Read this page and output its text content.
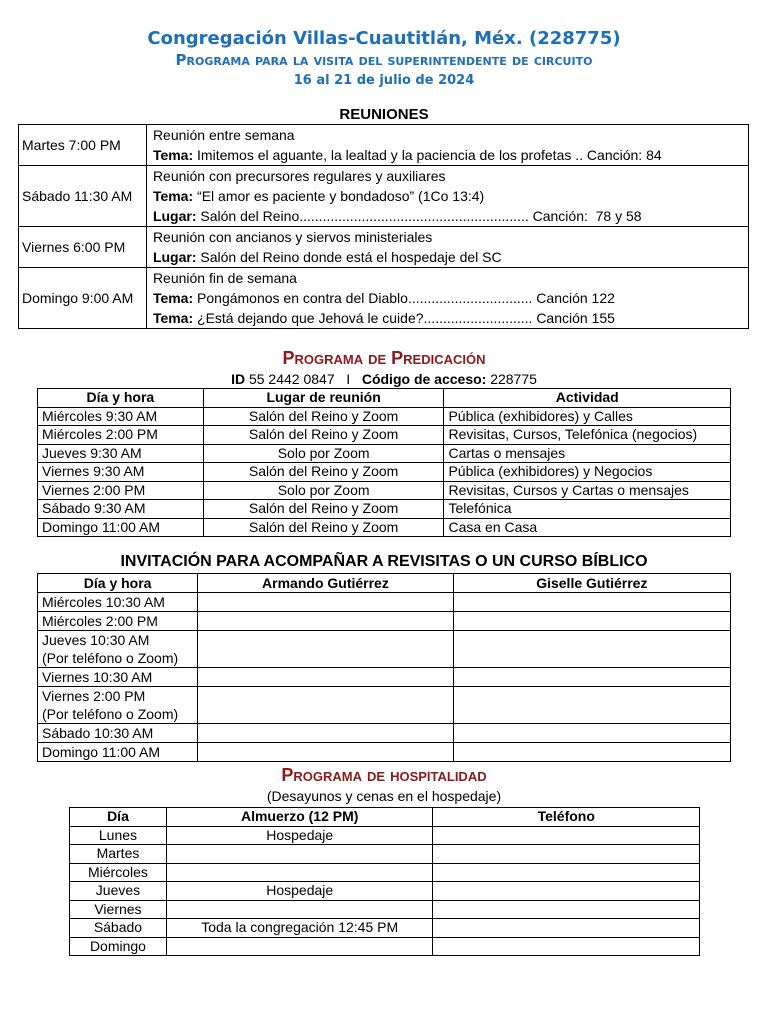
Congregación Villas-Cuautitlán, Méx. (228775)
Programa para la visita del superintendente de circuito
16 al 21 de julio de 2024
REUNIONES
Martes 7:00 PM	Reunión entre semana
Tema: Imitemos el aguante, la lealtad y la paciencia de los profetas .. Canción: 84

Sábado 11:30 AM	Reunión con precursores regulares y auxiliares
Tema: “El amor es paciente y bondadoso” (1Co 13:4)
Lugar: Salón del Reino........................................................... Canción:  78 y 58

Viernes 6:00 PM	Reunión con ancianos y siervos ministeriales
Lugar: Salón del Reino donde está el hospedaje del SC

Domingo 9:00 AM	Reunión fin de semana
Tema: Pongámonos en contra del Diablo................................ Canción 122
Tema: ¿Está dejando que Jehová le cuide?............................ Canción 155
Programa de Predicación
ID 55 2442 0847   I   Código de acceso: 228775
Día y hora	Lugar de reunión	Actividad
Miércoles 9:30 AM	Salón del Reino y Zoom	Pública (exhibidores) y Calles
Miércoles 2:00 PM	Salón del Reino y Zoom	Revisitas, Cursos, Telefónica (negocios)
Jueves 9:30 AM	Solo por Zoom	Cartas o mensajes
Viernes 9:30 AM	Salón del Reino y Zoom	Pública (exhibidores) y Negocios
Viernes 2:00 PM	Solo por Zoom	Revisitas, Cursos y Cartas o mensajes
Sábado 9:30 AM	Salón del Reino y Zoom	Telefónica
Domingo 11:00 AM	Salón del Reino y Zoom	Casa en Casa
INVITACIÓN PARA ACOMPAÑAR A REVISITAS O UN CURSO BÍBLICO
Día y hora	Armando Gutiérrez	Giselle Gutiérrez

Miércoles 10:30 AM		

Miércoles 2:00 PM		

Jueves 10:30 AM
(Por teléfono o Zoom)		

Viernes 10:30 AM		

Viernes 2:00 PM
(Por teléfono o Zoom)		

Sábado 10:30 AM		

Domingo 11:00 AM		

Programa de hospitalidad
(Desayunos y cenas en el hospedaje)
Día	Almuerzo (12 PM)	Teléfono
Lunes	Hospedaje	
Martes		
Miércoles		
Jueves	Hospedaje	
Viernes		
Sábado	Toda la congregación 12:45 PM	
Domingo		
